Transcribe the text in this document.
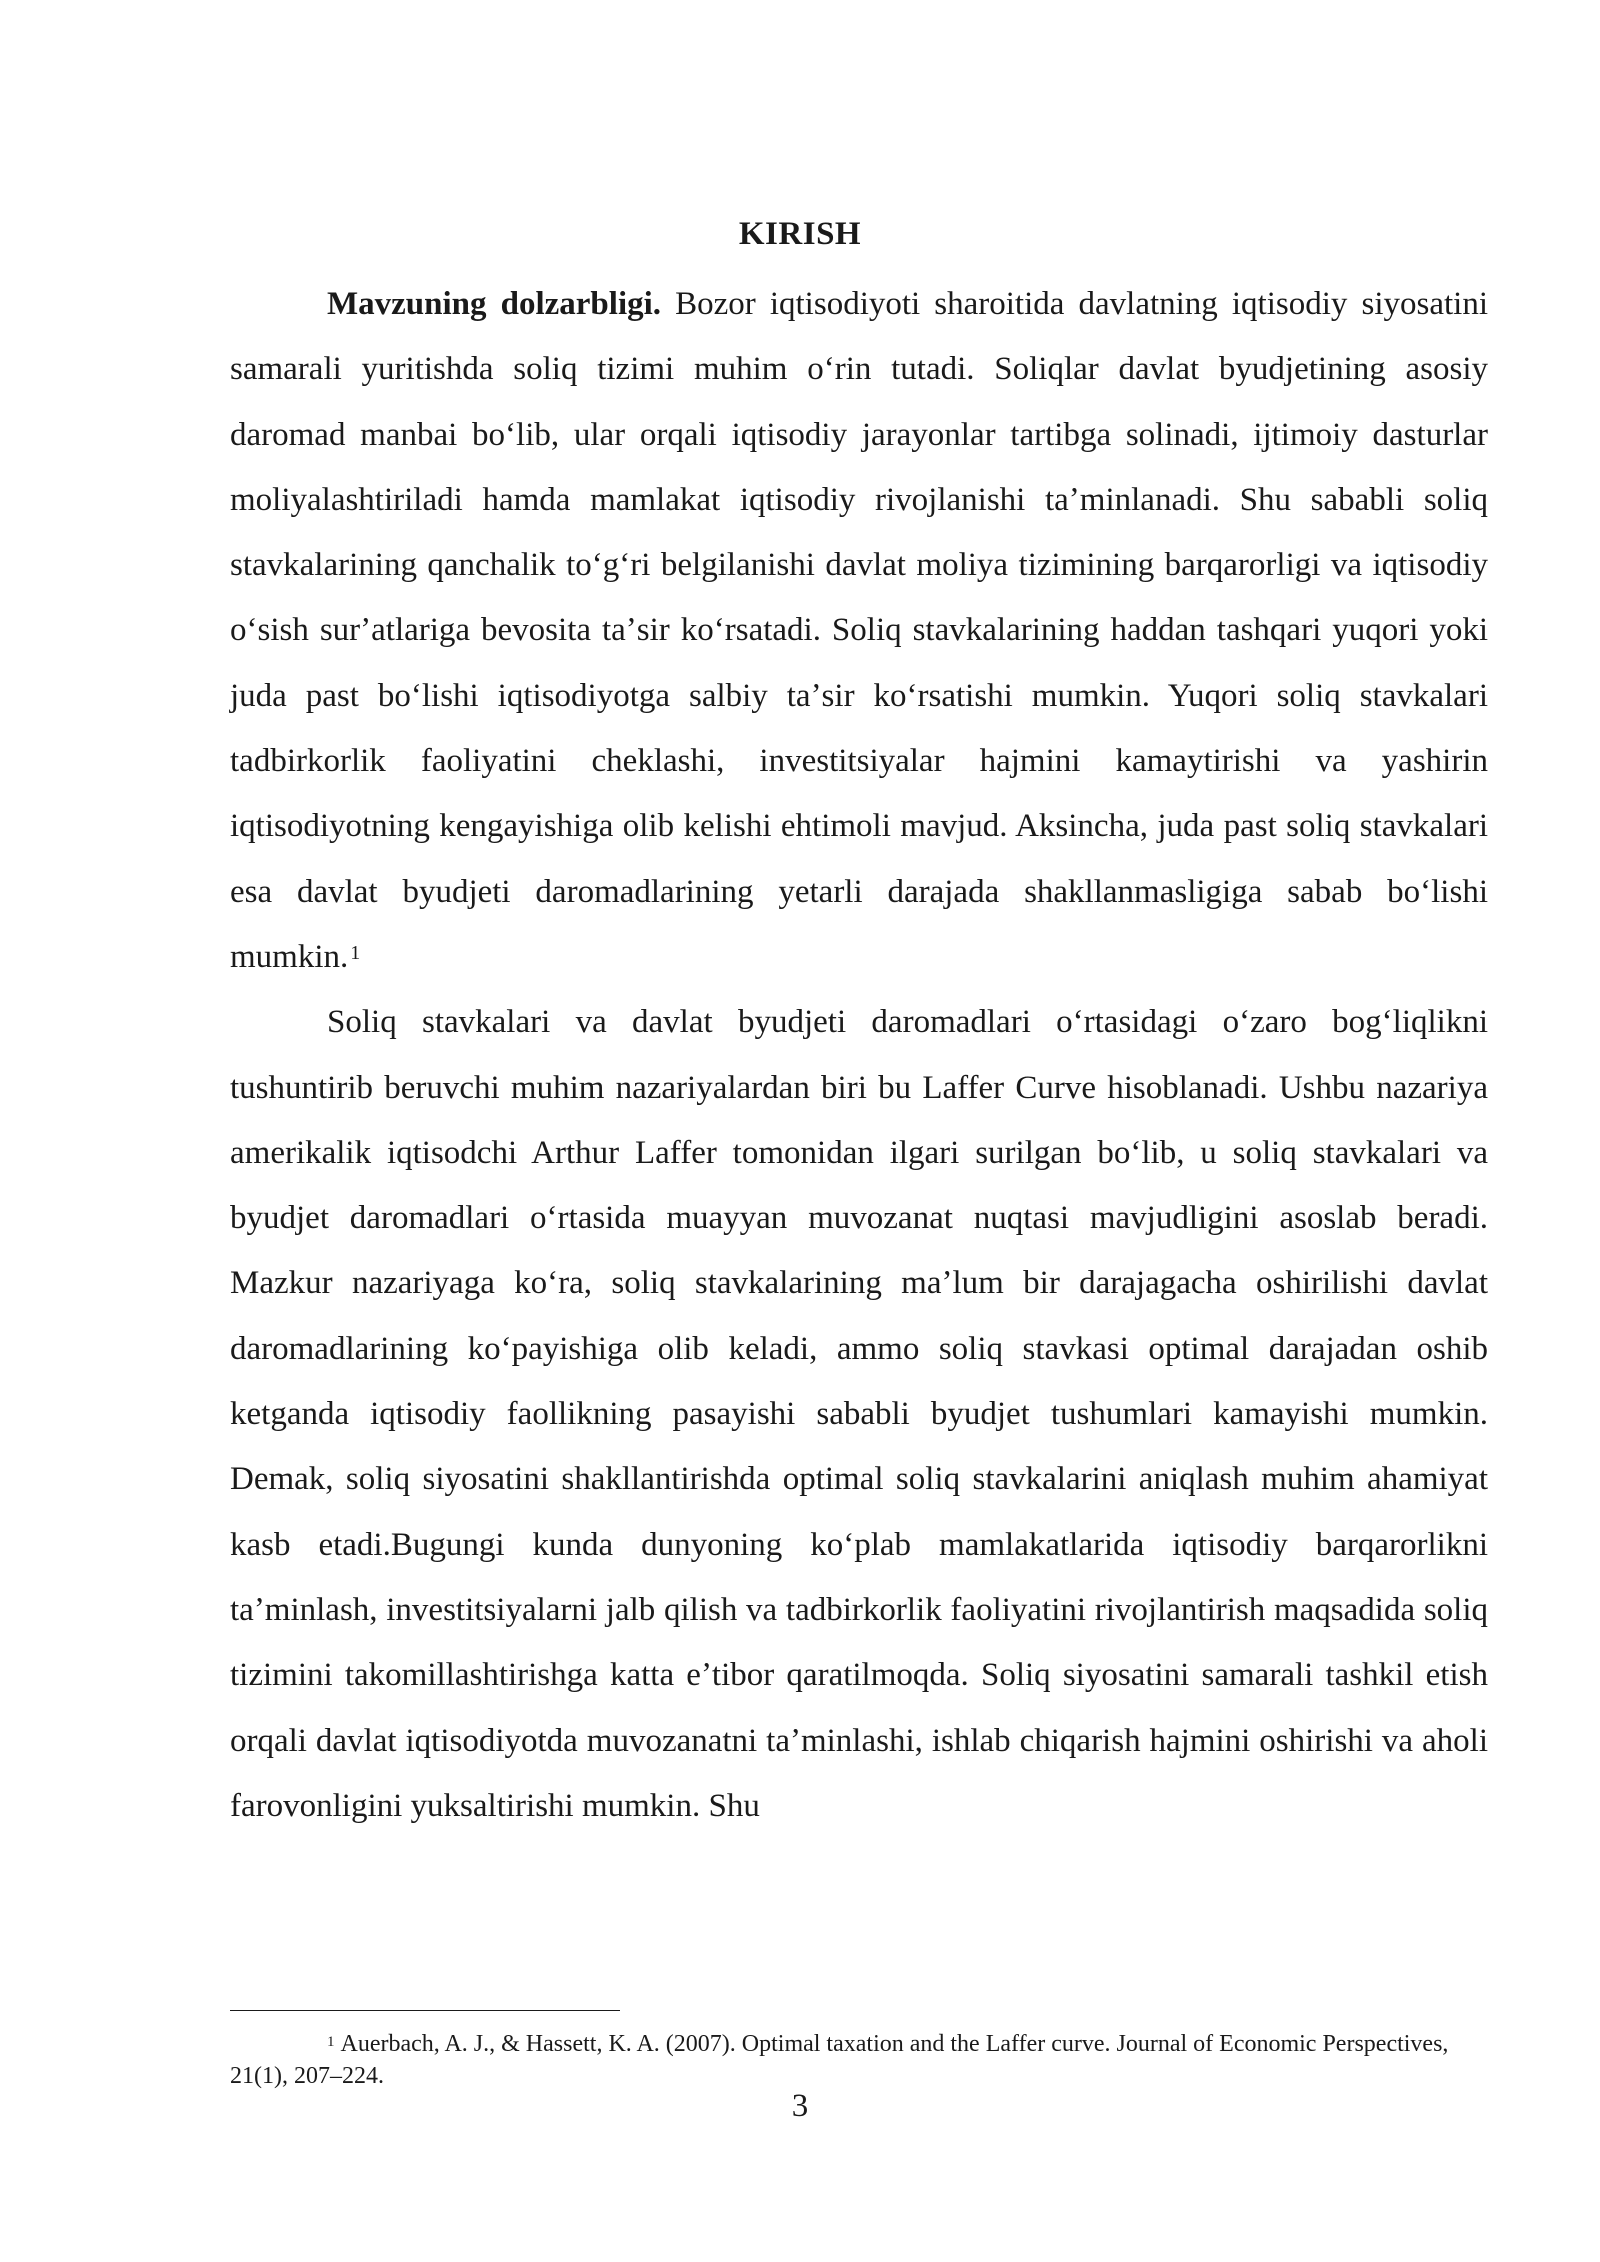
KIRISH

Mavzuning dolzarbligi. Bozor iqtisodiyoti sharoitida davlatning iqtisodiy siyosatini samarali yuritishda soliq tizimi muhim oʻrin tutadi. Soliqlar davlat byudjetining asosiy daromad manbai boʻlib, ular orqali iqtisodiy jarayonlar tartibga solinadi, ijtimoiy dasturlar moliyalashtiriladi hamda mamlakat iqtisodiy rivojlanishi taʼminlanadi. Shu sababli soliq stavkalarining qanchalik toʻgʻri belgilanishi davlat moliya tizimining barqarorligi va iqtisodiy oʻsish surʼatlariga bevosita taʼsir koʻrsatadi. Soliq stavkalarining haddan tashqari yuqori yoki juda past boʻlishi iqtisodiyotga salbiy taʼsir koʻrsatishi mumkin. Yuqori soliq stavkalari tadbirkorlik faoliyatini cheklashi, investitsiyalar hajmini kamaytirishi va yashirin iqtisodiyotning kengayishiga olib kelishi ehtimoli mavjud. Aksincha, juda past soliq stavkalari esa davlat byudjeti daromadlarining yetarli darajada shakllanmasligiga sabab boʻlishi mumkin. $^1$

Soliq stavkalari va davlat byudjeti daromadlari oʻrtasidagi oʻzaro bogʻliqlikni tushuntirib beruvchi muhim nazariyalardan biri bu Laffer Curve hisoblanadi. Ushbu nazariya amerikalik iqtisodchi Arthur Laffer tomonidan ilgari surilgan boʻlib, u soliq stavkalari va byudjet daromadlari oʻrtasida muayyan muvozanat nuqtasi mavjudligini asoslab beradi. Mazkur nazariyaga koʻra, soliq stavkalarining maʼlum bir darajagacha oshirilishi davlat daromadlarining koʻpayishiga olib keladi, ammo soliq stavkasi optimal darajadan oshib ketganda iqtisodiy faollikning pasayishi sababli byudjet tushumlari kamayishi mumkin. Demak, soliq siyosatini shakllantirishda optimal soliq stavkalarini aniqlash muhim ahamiyat kasb etadi.Bugungi kunda dunyoning koʻplab mamlakatlarida iqtisodiy barqarorlikni taʼminlash, investitsiyalarni jalb qilish va tadbirkorlik faoliyatini rivojlantirish maqsadida soliq tizimini takomillashtirishga katta eʼtibor qaratilmoqda. Soliq siyosatini samarali tashkil etish orqali davlat iqtisodiyotda muvozanatni taʼminlashi, ishlab chiqarish hajmini oshirishi va aholi farovonligini yuksaltirishi mumkin. Shu

$^1$ Auerbach, A. J., & Hassett, K. A. (2007). Optimal taxation and the Laffer curve. Journal of Economic Perspectives, 21(1), 207–224.

3
